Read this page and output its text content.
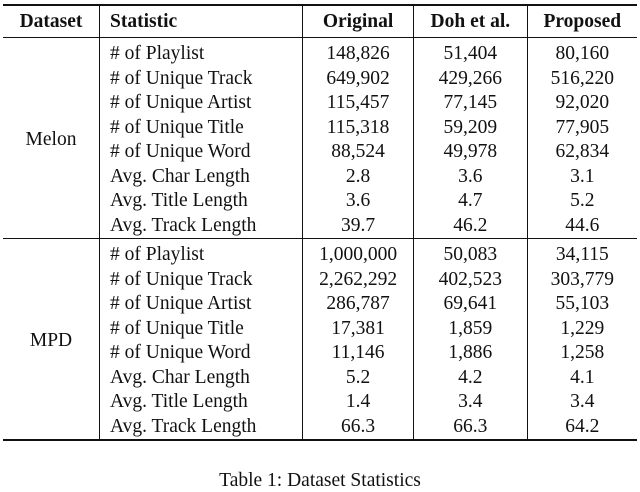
Dataset	Statistic	Original	Doh et al.	Proposed
Melon	# of Playlist	148,826	51,404	80,160
	# of Unique Track	649,902	429,266	516,220
	# of Unique Artist	115,457	77,145	92,020
	# of Unique Title	115,318	59,209	77,905
	# of Unique Word	88,524	49,978	62,834
	Avg. Char Length	2.8	3.6	3.1
	Avg. Title Length	3.6	4.7	5.2
	Avg. Track Length	39.7	46.2	44.6
MPD	# of Playlist	1,000,000	50,083	34,115
	# of Unique Track	2,262,292	402,523	303,779
	# of Unique Artist	286,787	69,641	55,103
	# of Unique Title	17,381	1,859	1,229
	# of Unique Word	11,146	1,886	1,258
	Avg. Char Length	5.2	4.2	4.1
	Avg. Title Length	1.4	3.4	3.4
	Avg. Track Length	66.3	66.3	64.2
Table 1: Dataset Statistics
